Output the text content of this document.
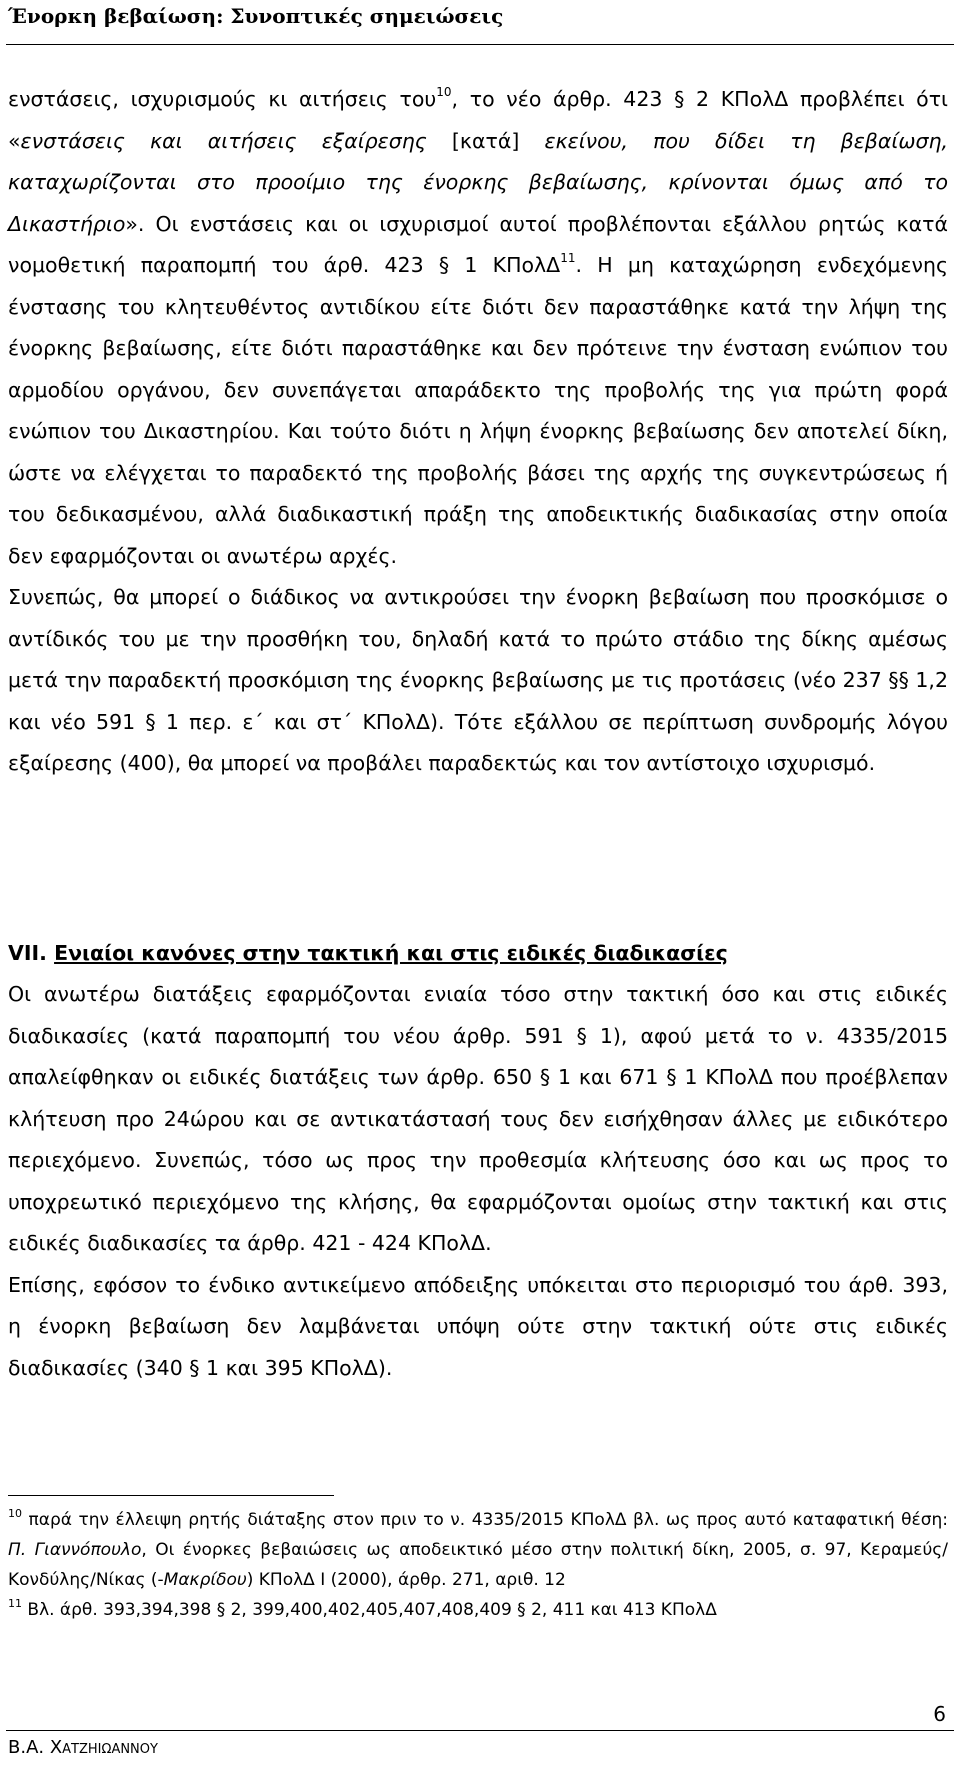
Ένορκη βεβαίωση: Συνοπτικές σημειώσεις

ενστάσεις, ισχυρισμούς κι αιτήσεις του$^{10}$, το νέο άρθρ. 423 § 2 ΚΠολΔ προβλέπει ότι «ενστάσεις και αιτήσεις εξαίρεσης [κατά] εκείνου, που δίδει τη βεβαίωση, καταχωρίζονται στο προοίμιο της ένορκης βεβαίωσης, κρίνονται όμως από το Δικαστήριο». Οι ενστάσεις και οι ισχυρισμοί αυτοί προβλέπονται εξάλλου ρητώς κατά νομοθετική παραπομπή του άρθ. 423 § 1 ΚΠολΔ$^{11}$. Η μη καταχώρηση ενδεχόμενης ένστασης του κλητευθέντος αντιδίκου είτε διότι δεν παραστάθηκε κατά την λήψη της ένορκης βεβαίωσης, είτε διότι παραστάθηκε και δεν πρότεινε την ένσταση ενώπιον του αρμοδίου οργάνου, δεν συνεπάγεται απαράδεκτο της προβολής της για πρώτη φορά ενώπιον του Δικαστηρίου. Και τούτο διότι η λήψη ένορκης βεβαίωσης δεν αποτελεί δίκη, ώστε να ελέγχεται το παραδεκτό της προβολής βάσει της αρχής της συγκεντρώσεως ή του δεδικασμένου, αλλά διαδικαστική πράξη της αποδεικτικής διαδικασίας στην οποία δεν εφαρμόζονται οι ανωτέρω αρχές.

Συνεπώς, θα μπορεί ο διάδικος να αντικρούσει την ένορκη βεβαίωση που προσκόμισε ο αντίδικός του με την προσθήκη του, δηλαδή κατά το πρώτο στάδιο της δίκης αμέσως μετά την παραδεκτή προσκόμιση της ένορκης βεβαίωσης με τις προτάσεις (νέο 237 §§ 1,2 και νέο 591 § 1 περ. ε΄ και στ΄ ΚΠολΔ). Τότε εξάλλου σε περίπτωση συνδρομής λόγου εξαίρεσης (400), θα μπορεί να προβάλει παραδεκτώς και τον αντίστοιχο ισχυρισμό.

VII. Ενιαίοι κανόνες στην τακτική και στις ειδικές διαδικασίες

Οι ανωτέρω διατάξεις εφαρμόζονται ενιαία τόσο στην τακτική όσο και στις ειδικές διαδικασίες (κατά παραπομπή του νέου άρθρ. 591 § 1), αφού μετά το ν. 4335/2015 απαλείφθηκαν οι ειδικές διατάξεις των άρθρ. 650 § 1 και 671 § 1 ΚΠολΔ που προέβλεπαν κλήτευση προ 24ώρου και σε αντικατάστασή τους δεν εισήχθησαν άλλες με ειδικότερο περιεχόμενο. Συνεπώς, τόσο ως προς την προθεσμία κλήτευσης όσο και ως προς το υποχρεωτικό περιεχόμενο της κλήσης, θα εφαρμόζονται ομοίως στην τακτική και στις ειδικές διαδικασίες τα άρθρ. 421 - 424 ΚΠολΔ.

Επίσης, εφόσον το ένδικο αντικείμενο απόδειξης υπόκειται στο περιορισμό του άρθ. 393, η ένορκη βεβαίωση δεν λαμβάνεται υπόψη ούτε στην τακτική ούτε στις ειδικές διαδικασίες (340 § 1 και 395 ΚΠολΔ).

$^{10}$ παρά την έλλειψη ρητής διάταξης στον πριν το ν. 4335/2015 ΚΠολΔ βλ. ως προς αυτό καταφατική θέση: Π. Γιαννόπουλο, Οι ένορκες βεβαιώσεις ως αποδεικτικό μέσο στην πολιτική δίκη, 2005, σ. 97, Κεραμεύς/Κονδύλης/Νίκας (-Μακρίδου) ΚΠολΔ Ι (2000), άρθρ. 271, αριθ. 12

$^{11}$ Βλ. άρθ. 393,394,398 § 2, 399,400,402,405,407,408,409 § 2, 411 και 413 ΚΠολΔ

6
Β.Α. Χατζηιωαννου
